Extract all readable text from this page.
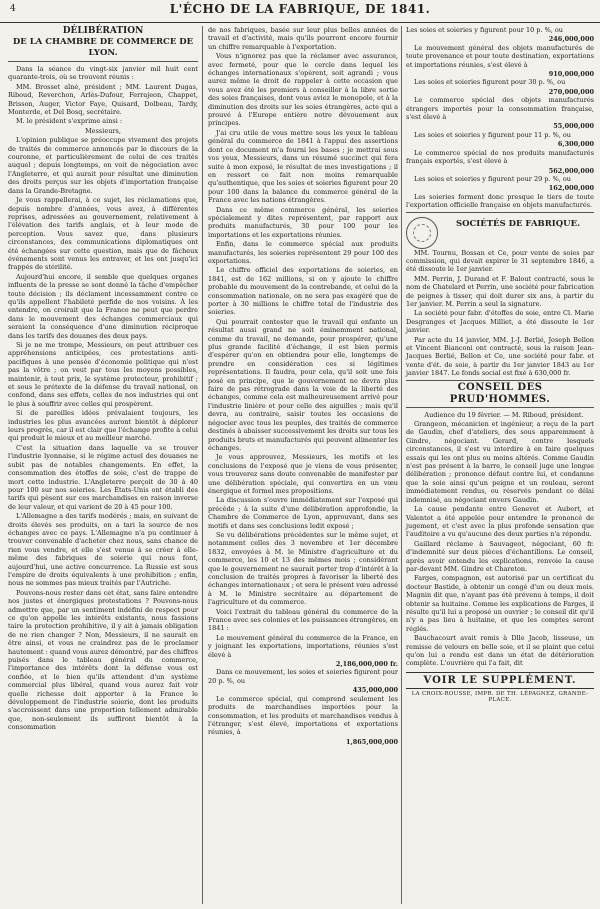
4	L'ÉCHO DE LA FABRIQUE, DE 1841.
DÉLIBÉRATION
DE LA CHAMBRE DE COMMERCE DE LYON.

Dans la séance du vingt-six janvier mil huit cent quarante-trois, où se trouvent réunis :

MM. Brosset aîné, président ; MM. Laurent Dugas, Riboud, Reverchon, Arlès-Dufour, Ferrajeon, Chappet, Brisson, Auger, Victor Faye, Quisard, Dolbeau, Tardy, Monterde, et Del Bosq, secrétaire.

M. le président s'exprime ainsi :

Messieurs,

L'opinion publique se préoccupe vivement des projets de traités de commerce annoncés par le discours de la couronne, et particulièrement de celui de ces traités auquel ; depuis longtemps, on voit de négociation avec l'Angleterre, et qui aurait pour résultat une diminution des droits perçus sur les objets d'importation française dans la Grande-Bretagne.

Je vous rappellerai, à ce sujet, les réclamations que, depuis nombre d'années, vous avez, à différentes reprises, adressées au gouvernement, relativement à l'élévation des tarifs anglais, et à leur mode de perception. Vous savez que, dans plusieurs circonstances, des communications diplomatiques ont été échangées sur cette question, mais que de fâcheux événements sont venus les entraver, et les ont jusqu'ici frappés de stérilité.

Aujourd'hui encore, il semble que quelques organes influents de la presse se sont donné la tâche d'empêcher toute décision ; ils déclament incessamment contre ce qu'ils appellent l'habileté perfide de nos voisins. À les entendre, on croirait que la France ne peut que perdre dans le mouvement des échanges commerciaux qui seraient la conséquence d'une diminution réciproque dans les tarifs des douanes des deux pays.

Si je ne me trompe, Messieurs, on peut attribuer ces appréhensions anticipées, ces protestations anti-pacifiques à une pensée d'économie politique qui n'est pas la vôtre ; on veut par tous les moyens possibles, maintenir, à tout prix, le système protecteur, prohibitif ; et sous le prétexte de la défense du travail national, on confond, dans ses effets, celles de nos industries qui ont le plus à souffrir avec celles qui prospèrent.

Si de pareilles idées prévalaient toujours, les industries les plus avancées auront bientôt à déplorer leurs progrès, car il est clair que l'échange profite à celui qui produit le mieux et au meilleur marché.

C'est la situation dans laquelle va se trouver l'industrie lyonnaise, si le régime actuel des douanes ne subit pas de notables changements. En effet, la consommation des étoffes de soie, c'est de trappe de mort cette industrie. L'Angleterre perçoit de 30 à 40 pour 100 sur nos soieries. Les États-Unis ont établi des tarifs qui pèsent sur ces marchandises en raison inverse de leur valeur, et qui varient de 20 à 45 pour 100.

L'Allemagne a des tarifs modérés ; mais, en suivant de droits élevés ses produits, on a tari la source de nos échanges avec ce pays. L'Allemagne n'a pu continuer à trouver convenable d'acheter chez nous, sans chance de rien vous vendre, et elle s'est venue à se créer à elle-même des fabriques de soierie qui nous font, aujourd'hui, une active concurrence. La Russie est sous l'empire de droits équivalents à une prohibition ; enfin, nous ne sommes pas mieux traités par l'Autriche.

Pouvons-nous rester dans cet état, sans faire entendre nos justes et énergiques protestations ? Pouvons-nous admettre que, par un sentiment indéfini de respect pour ce qu'on appelle les intérêts existants, nous fassions taire la protection prohibitive, il y ait à jamais obligation de ne rien changer ? Non, Messieurs, il ne saurait en être ainsi, et vous ne craindrez pas de le proclamer hautement : quand vous aurez démontré, par des chiffres puisés dans le tableau général du commerce, l'importance des intérêts dont la défense vous est confiée, et le bien qu'ils attendent d'un système commercial plus libéral, quand vous aurez fait voir quelle richesse doit apporter à la France le développement de l'industrie soierie, dont les produits s'accroissent dans une proportion tellement admirable que, non-seulement ils suffiront bientôt à la consommation

de nos fabriques, basée sur leur plus belles années de travail et d'activité, mais qu'ils pourront encore fournir un chiffre remarquable à l'exportation.

Vous n'ignorez pas que la réclamer avec assurance, avec fermeté, pour que le cercle dans lequel les échanges internationaux s'opèrent, soit agrandi ; vous aurez même le droit de rappeler à cette occasion que vous avez été les premiers à conseiller à la libre sortie des soies françaises, dont vous aviez le monopole, et à la diminution des droits sur les soies étrangères, acte qui a prouvé à l'Europe entière notre dévouement aux principes.

J'ai cru utile de vous mettre sous les yeux le tableau général du commerce de 1841 à l'appui des assertions dont ce document m'a fourni les bases ; je mettrai sous vos yeux, Messieurs, dans un résumé succinct qui fera suite à mon exposé, le résultat de mes investigations ; il en ressort ce fait non moins remarquable qu'authentique, que les soies et soieries figurent pour 20 pour 100 dans la balance du commerce général de la France avec les nations étrangères.

Dans ce même commerce général, les soieries spécialement y dites représentent, par rapport aux produits manufacturés, 30 pour 100 pour les importations et les exportations réunies.

Enfin, dans le commerce spécial aux produits manufacturés, les soieries représentent 29 pour 100 des exportations.

Le chiffre officiel des exportations de soieries, en 1841, est de 162 millions, si on y ajoute le chiffre probable du mouvement de la contrebande, et celui de la consommation nationale, on ne sera pas exagéré que de porter à 30 millions le chiffre total de l'industrie des soieries.

Qui pourrait contester que le travail qui enfante un résultat aussi grand ne soit éminemment national, comme du travail, ne demande, pour prospérer, qu'une plus grande facilité d'échange, il est bien permis d'espérer qu'on en obtiendra pour elle, longtemps de prendre en considération ces si légitimes représentations. Il faudra, pour cela, qu'il soit une fois posé en principe, que le gouvernement ne devra plus faire de pas rétrograde dans la voie de la liberté des échanges, comme cela est malheureusement arrivé pour l'industrie linière et pour celle des aiguilles ; mais qu'il devra, au contraire, saisir toutes les occasions de négocier avec tous les peuples, des traités de commerce destinés à abaisser successivement les droits sur tous les produits bruts et manufacturés qui peuvent alimenter les échanges.

Je vous approuvez, Messieurs, les motifs et les conclusions de l'exposé que je viens de vous présenter, vous trouverez sans doute convenable de manifester par une délibération spéciale, qui convertira en un vœu énergique et formel mes propositions.

La discussion s'ouvre immédiatement sur l'exposé qui précède ; à la suite d'une délibération approfondie, la Chambre de Commerce de Lyon, approuvant, dans ses motifs et dans ses conclusions ledit exposé ;

Se vu délibérations précédentes sur le même sujet, et notamment celles des 3 novembre et 1er décembre 1832, envoyées à M. le Ministre d'agriculture et du commerce, les 10 et 13 des mêmes mois ; considérant que le gouvernement ne saurait porter trop d'intérêt à la conclusion de traités propres à favoriser la liberté des échanges internationaux ; et sera le présent vœu adressé à M. le Ministre secrétaire au département de l'agriculture et du commerce.

Voici l'extrait du tableau général du commerce de la France avec ses colonies et les puissances étrangères, en 1841 :

Le mouvement général du commerce de la France, en y joignant les exportations, importations, réunies s'est élevé à

2,186,000,000 fr.

Dans ce mouvement, les soies et soieries figurent pour 20 p. %, ou

435,000,000

Le commerce spécial, qui comprend seulement les produits de marchandises importées pour la consommation, et les produits et marchandises vendus à l'étranger, s'est élevé, importations et exportations réunies, à

1,865,000,000

Les soies et soieries y figurent pour 10 p. %, ou

246,000,000

Le mouvement général des objets manufacturés de toute provenance et pour toute destination, exportations et importations réunies, s'est élevé à

910,000,000

Les soies et soieries figurent pour 30 p. %, ou

270,000,000

Le commerce spécial des objets manufacturés étrangers importés pour la consommation française, s'est élevé à

55,000,000

Les soies et soieries y figurent pour 11 p. %, ou

6,300,000

Le commerce spécial de nos produits manufacturés français exportés, s'est élevé à

562,000,000

Les soies et soieries y figurent pour 29 p. %, ou

162,000,000

Les soieries forment donc presque le tiers de toute l'exportation officielle française en objets manufacturés.

SOCIÉTÉS DE FABRIQUE.

MM. Tournu, Bossan et Ce, pour vente de soies par commission, qui devait expirer le 31 septembre 1846, a été dissoute le 1er janvier.

MM. Perrin, J. Durand et F. Balout contracté, sous le nom de Chatelard et Perrin, une société pour fabrication de peignes à tisser, qui doit durer six ans, à partir du 1er janvier. M. Perrin a seul la signature.

La société pour fabr. d'étoffes de soie, entre Cl. Marie Desgranges et Jacques Milliet, a été dissoute le 1er janvier.

Par acte du 14 janvier, MM. J.-J. Berlié, Joseph Bellon et Vincent Bianconi ont contracté, sous la raison Jean-Jacques Berlié, Bellon et Ce, une société pour fabr. et vente d'ét. de soie, à partir du 1er janvier 1843 au 1er janvier 1847. Le fonds social est fixé à 630,000 fr.

CONSEIL DES PRUD'HOMMES.

Audience du 19 février. — M. Riboud, président.

Grangeon, mécanicien et ingénieur, a reçu de la part de Gaudin, chef d'ateliers, des sous apparemment à Gindre, négociant. Gerard, contre lesquels circonstances, il s'est vu interdire à en faire quelques essais qui les ont plus ou moins altérés. Comme Gaudin n'est pas présent à la barre, le conseil juge une longue délibération ; prononce défaut contre lui, et condamne que la soie ainsi qu'un peigne et un rouleau, seront immédiatement rendus, ou réservés pendant ce délai indemnisé, au négociant envers Gaudin.

La cause pendante entre Genevet et Aubert, et Valentot a été appelée pour entendre le prononcé de jugement, et c'est avec la plus profonde sensation que l'auditoire a vu qu'aucune des deux parties n'a répondu.

Gaillard réclame à Sauvageot, négociant, 60 fr. d'indemnité sur deux pièces d'échantillons. Le conseil, après avoir entendu les explications, renvoie la cause par-devant MM. Gindre et Chareton.

Farges, compagnon, est autorisé par un certificat du docteur Bastide, à obtenir un congé d'un ou deux mois. Magnin dit que, n'ayant pas été prévenu à temps, il doit obtenir sa huitaine. Comme les explications de Farges, il résulte qu'il lui a proposé un ouvrier ; le conseil dit qu'il n'y a pas lieu à huitaine, et que les comptes seront réglés.

Bauchacourt avait remis à Dlle Jacob, lisseuse, un remisse de velours en belle soie, et il se plaint que celui qu'on lui a rendu est dans un état de détérioration complète. L'ouvrière qui l'a fait, dit

VOIR LE SUPPLÉMENT.
LA CROIX-ROUSSE, IMPR. DE TH. LÉPAGNEZ, GRANDE-PLACE.
